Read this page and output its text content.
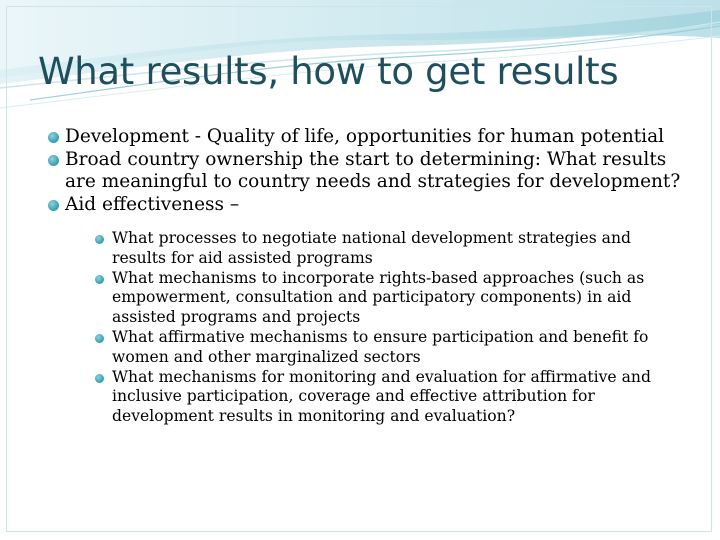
What results, how to get results
Development - Quality of life, opportunities for human potential
Broad country ownership the start to determining: What results are meaningful to country needs and strategies for development?
Aid effectiveness –
What processes to negotiate national development strategies and results for aid assisted programs
What mechanisms to incorporate rights-based approaches (such as empowerment, consultation and participatory components) in aid assisted programs and projects
What affirmative mechanisms to ensure participation and benefit fo women and other marginalized sectors
What mechanisms for monitoring and evaluation for affirmative and inclusive participation, coverage and effective attribution for development results in monitoring and evaluation?
